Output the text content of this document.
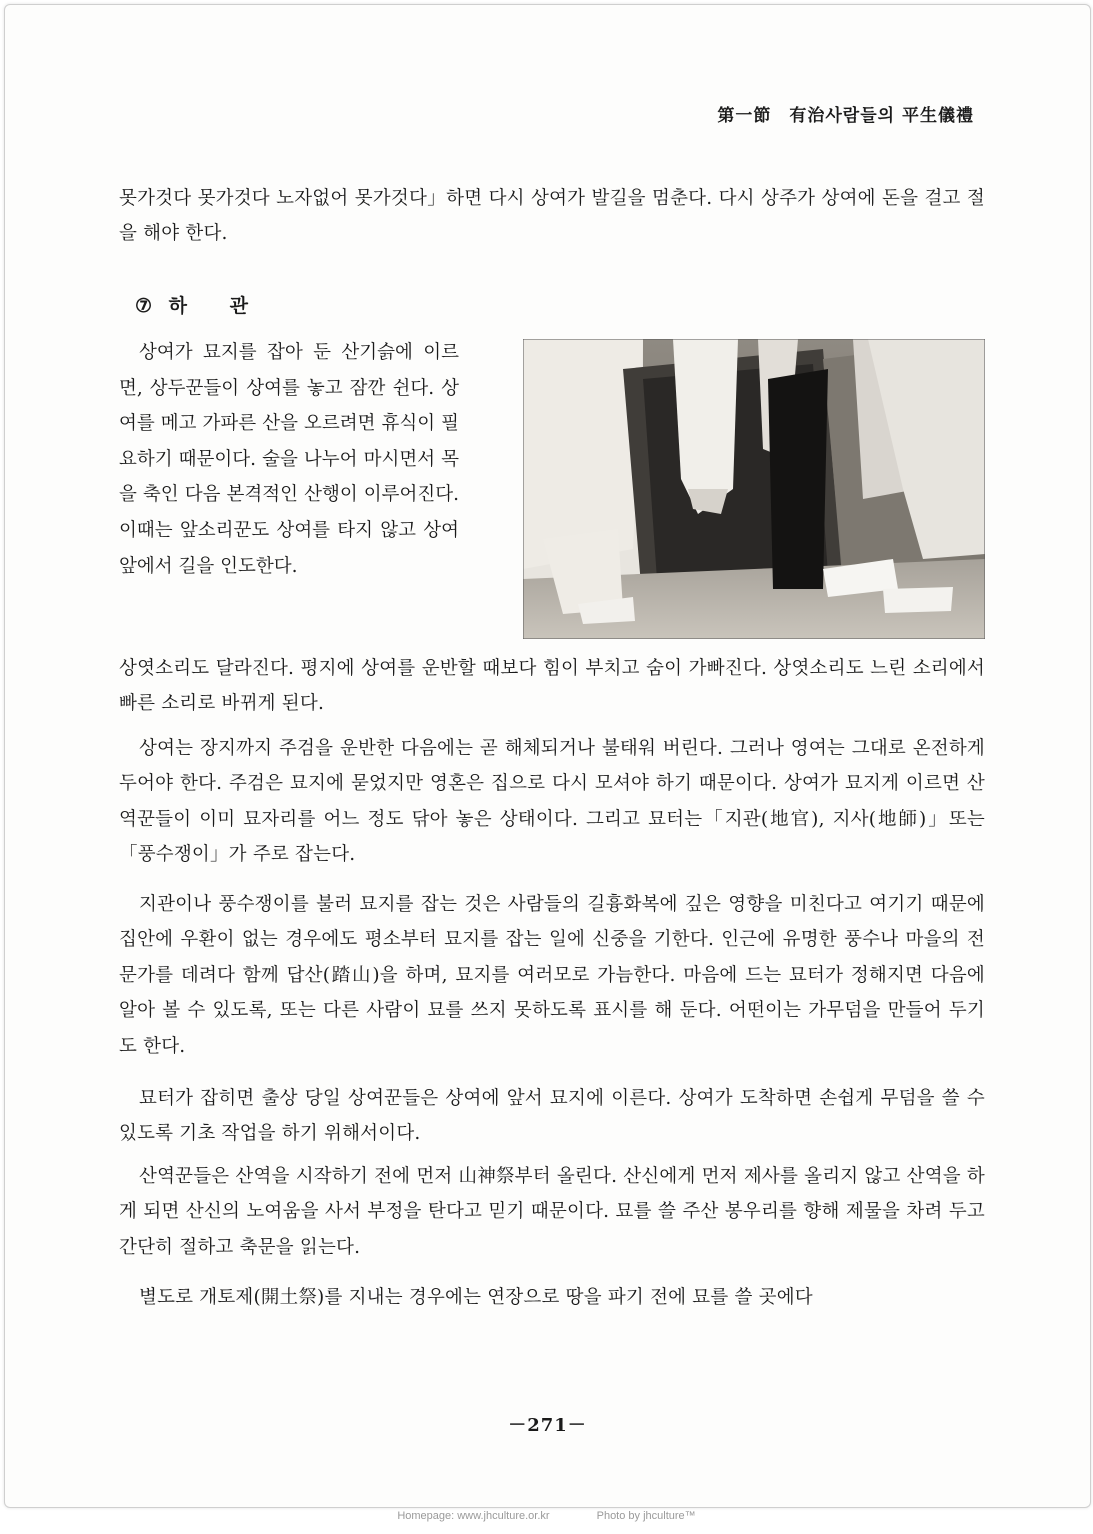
第一節　有治사람들의 平生儀禮

못가것다 못가것다 노자없어 못가것다」하면 다시 상여가 발길을 멈춘다. 다시 상주가 상여에 돈을 걸고 절을 해야 한다.

⑦ 하 관

상여가 묘지를 잡아 둔 산기슭에 이르면, 상두꾼들이 상여를 놓고 잠깐 쉰다. 상여를 메고 가파른 산을 오르려면 휴식이 필요하기 때문이다. 술을 나누어 마시면서 목을 축인 다음 본격적인 산행이 이루어진다. 이때는 앞소리꾼도 상여를 타지 않고 상여 앞에서 길을 인도한다.

상엿소리도 달라진다. 평지에 상여를 운반할 때보다 힘이 부치고 숨이 가빠진다. 상엿소리도 느린 소리에서 빠른 소리로 바뀌게 된다.

상여는 장지까지 주검을 운반한 다음에는 곧 해체되거나 불태워 버린다. 그러나 영여는 그대로 온전하게 두어야 한다. 주검은 묘지에 묻었지만 영혼은 집으로 다시 모셔야 하기 때문이다. 상여가 묘지게 이르면 산역꾼들이 이미 묘자리를 어느 정도 닦아 놓은 상태이다. 그리고 묘터는「지관(地官), 지사(地師)」또는「풍수쟁이」가 주로 잡는다.

지관이나 풍수쟁이를 불러 묘지를 잡는 것은 사람들의 길흉화복에 깊은 영향을 미친다고 여기기 때문에 집안에 우환이 없는 경우에도 평소부터 묘지를 잡는 일에 신중을 기한다. 인근에 유명한 풍수나 마을의 전문가를 데려다 함께 답산(踏山)을 하며, 묘지를 여러모로 가늠한다. 마음에 드는 묘터가 정해지면 다음에 알아 볼 수 있도록, 또는 다른 사람이 묘를 쓰지 못하도록 표시를 해 둔다. 어떤이는 가무덤을 만들어 두기도 한다.

묘터가 잡히면 출상 당일 상여꾼들은 상여에 앞서 묘지에 이른다. 상여가 도착하면 손쉽게 무덤을 쓸 수 있도록 기초 작업을 하기 위해서이다.

산역꾼들은 산역을 시작하기 전에 먼저 山神祭부터 올린다. 산신에게 먼저 제사를 올리지 않고 산역을 하게 되면 산신의 노여움을 사서 부정을 탄다고 믿기 때문이다. 묘를 쓸 주산 봉우리를 향해 제물을 차려 두고 간단히 절하고 축문을 읽는다.

별도로 개토제(開土祭)를 지내는 경우에는 연장으로 땅을 파기 전에 묘를 쓸 곳에다

－271－
Homepage: www.jhculture.or.kr	Photo by jhculture™
